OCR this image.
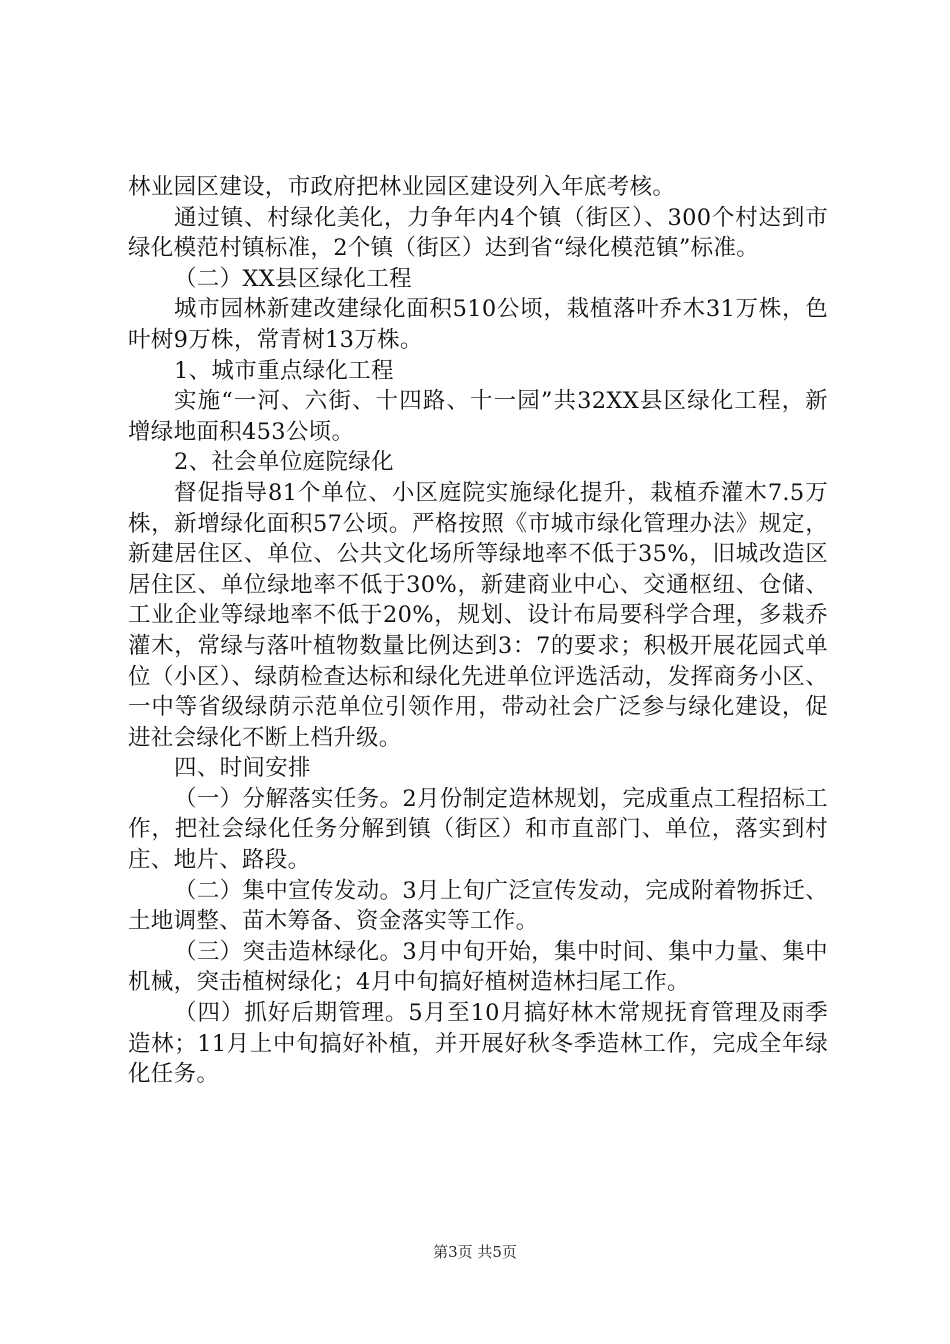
林业园区建设，市政府把林业园区建设列入年底考核。

通过镇、村绿化美化，力争年内4个镇（街区）、300个村达到市绿化模范村镇标准，2个镇（街区）达到省“绿化模范镇”标准。

（二）XX县区绿化工程

城市园林新建改建绿化面积510公顷，栽植落叶乔木31万株，色叶树9万株，常青树13万株。

1、城市重点绿化工程

实施“一河、六街、十四路、十一园”共32XX县区绿化工程，新增绿地面积453公顷。

2、社会单位庭院绿化

督促指导81个单位、小区庭院实施绿化提升，栽植乔灌木7.5万株，新增绿化面积57公顷。严格按照《市城市绿化管理办法》规定，新建居住区、单位、公共文化场所等绿地率不低于35%，旧城改造区居住区、单位绿地率不低于30%，新建商业中心、交通枢纽、仓储、工业企业等绿地率不低于20%，规划、设计布局要科学合理，多栽乔灌木，常绿与落叶植物数量比例达到3：7的要求；积极开展花园式单位（小区）、绿荫检查达标和绿化先进单位评选活动，发挥商务小区、一中等省级绿荫示范单位引领作用，带动社会广泛参与绿化建设，促进社会绿化不断上档升级。

四、时间安排

（一）分解落实任务。2月份制定造林规划，完成重点工程招标工作，把社会绿化任务分解到镇（街区）和市直部门、单位，落实到村庄、地片、路段。

（二）集中宣传发动。3月上旬广泛宣传发动，完成附着物拆迁、土地调整、苗木筹备、资金落实等工作。

（三）突击造林绿化。3月中旬开始，集中时间、集中力量、集中机械，突击植树绿化；4月中旬搞好植树造林扫尾工作。

（四）抓好后期管理。5月至10月搞好林木常规抚育管理及雨季造林；11月上中旬搞好补植，并开展好秋冬季造林工作，完成全年绿化任务。

第3页 共5页
